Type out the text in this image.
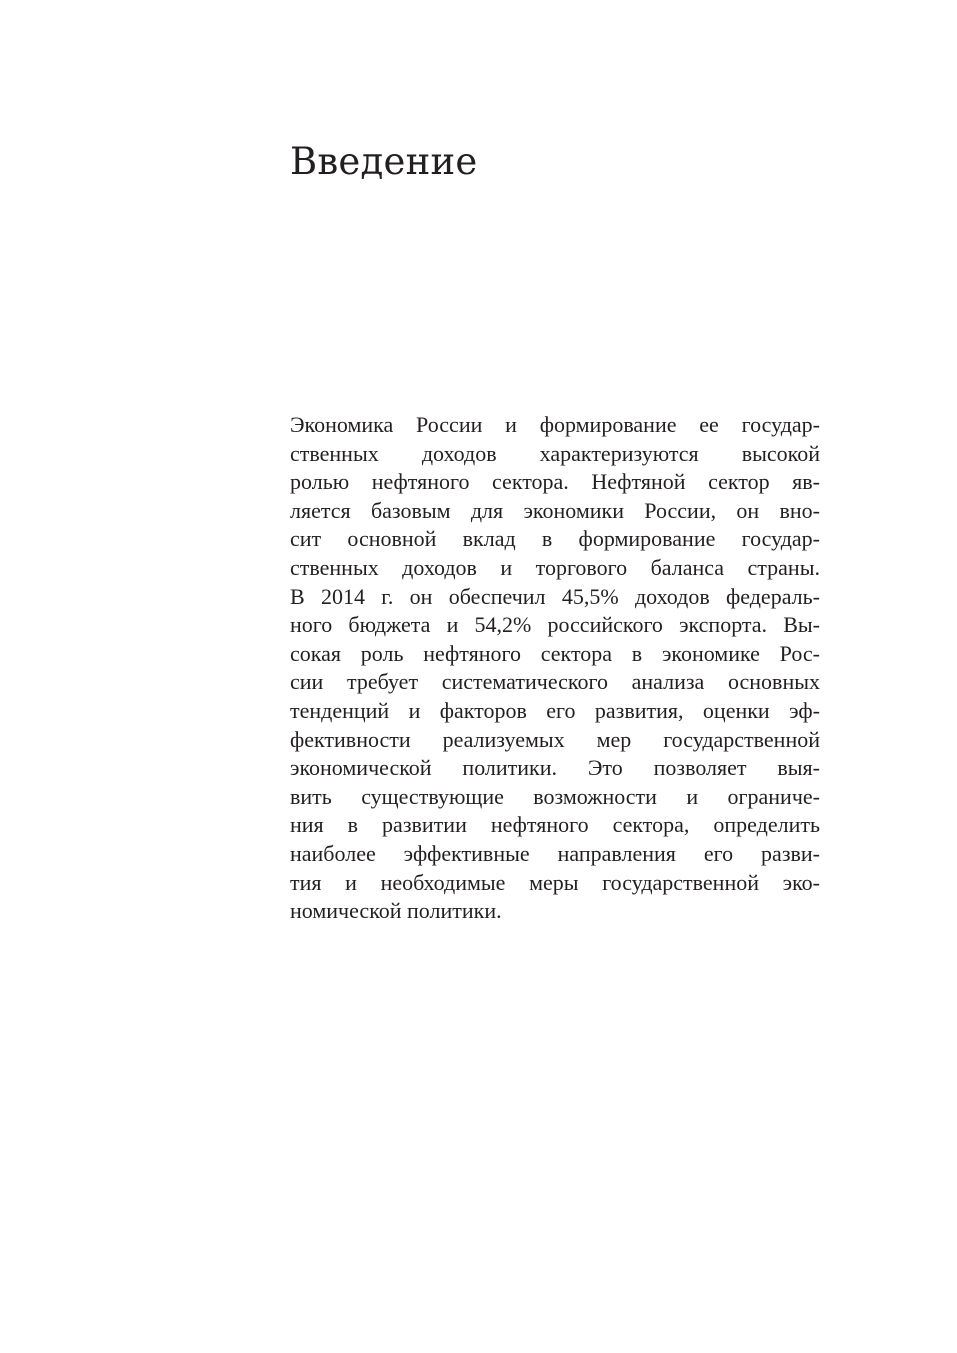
Введение

Экономика России и формирование ее государ-
ственных доходов характеризуются высокой
ролью нефтяного сектора. Нефтяной сектор яв-
ляется базовым для экономики России, он вно-
сит основной вклад в формирование государ-
ственных доходов и торгового баланса страны.
В 2014 г. он обеспечил 45,5% доходов федераль-
ного бюджета и 54,2% российского экспорта. Вы-
сокая роль нефтяного сектора в экономике Рос-
сии требует систематического анализа основных
тенденций и факторов его развития, оценки эф-
фективности реализуемых мер государственной
экономической политики. Это позволяет выя-
вить существующие возможности и ограниче-
ния в развитии нефтяного сектора, определить
наиболее эффективные направления его разви-
тия и необходимые меры государственной эко-
номической политики.
